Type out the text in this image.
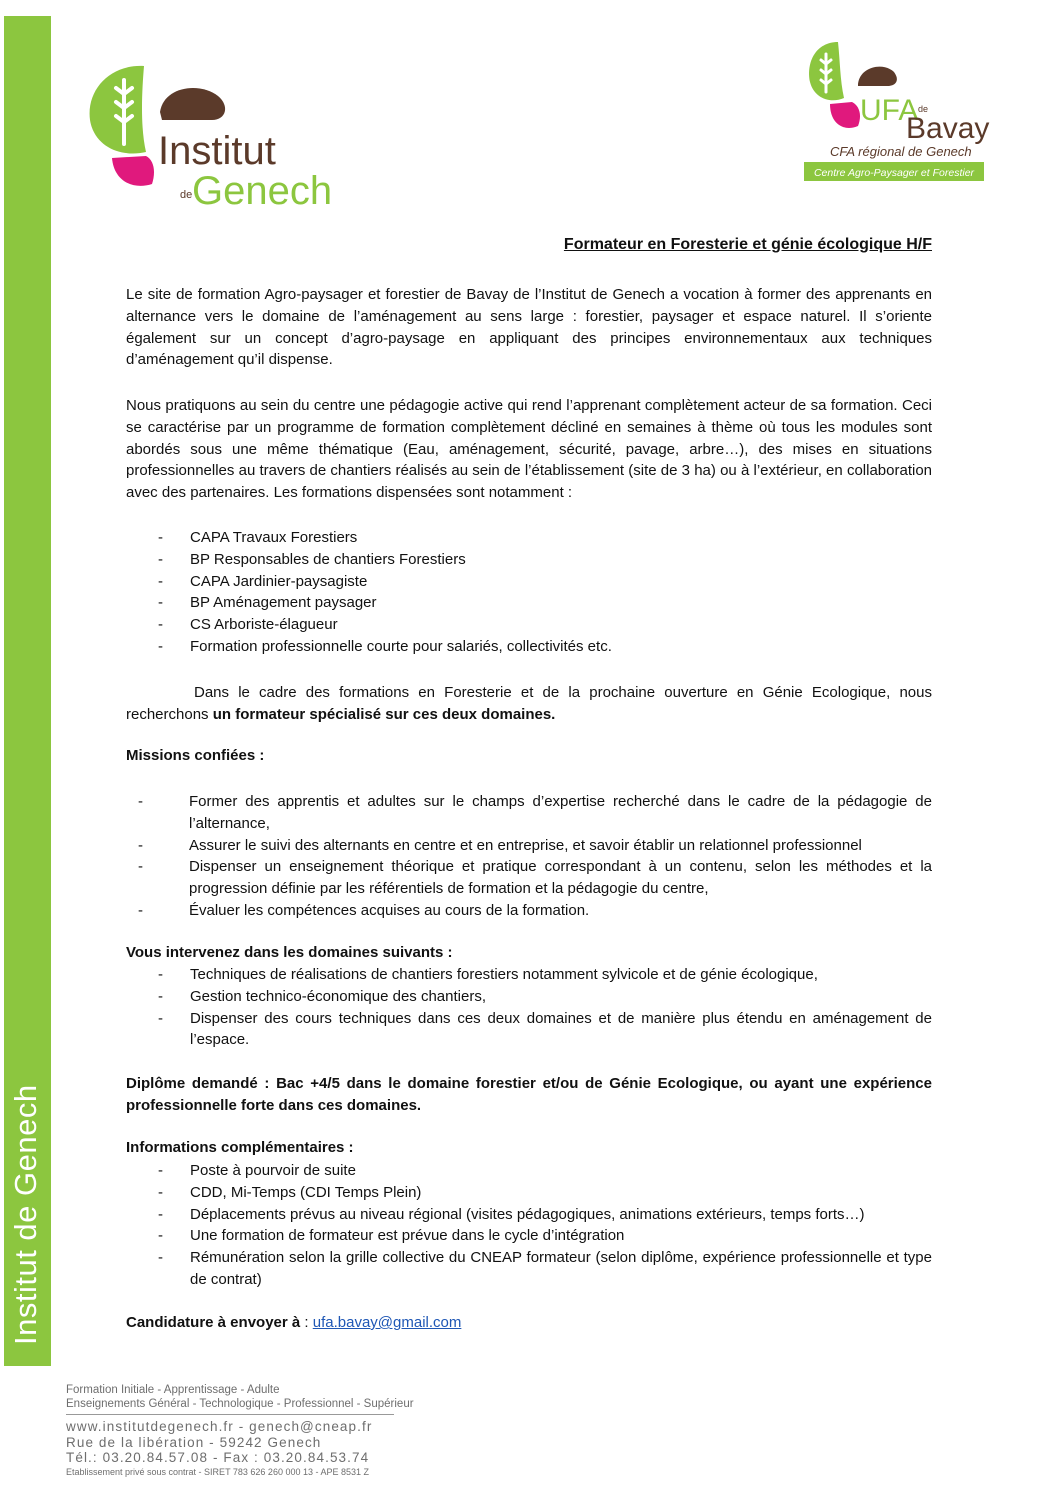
Institut de Genech
Institut
de Genech
UFA de
Bavay
CFA régional de Genech
Centre Agro-Paysager et Forestier
Formateur en Foresterie et génie écologique H/F
Le site de formation Agro-paysager et forestier de Bavay de l’Institut de Genech a vocation à former des apprenants en alternance vers le domaine de l’aménagement au sens large : forestier, paysager et espace naturel. Il s’oriente également sur un concept d’agro-paysage en appliquant des principes environnementaux aux techniques d’aménagement qu’il dispense.
Nous pratiquons au sein du centre une pédagogie active qui rend l’apprenant complètement acteur de sa formation. Ceci se caractérise par un programme de formation complètement décliné en semaines à thème où tous les modules sont abordés sous une même thématique (Eau, aménagement, sécurité, pavage, arbre…), des mises en situations professionnelles au travers de chantiers réalisés au sein de l’établissement (site de 3 ha) ou à l’extérieur, en collaboration avec des partenaires. Les formations dispensées sont notamment :
- CAPA Travaux Forestiers
- BP Responsables de chantiers Forestiers
- CAPA Jardinier-paysagiste
- BP Aménagement paysager
- CS Arboriste-élagueur
- Formation professionnelle courte pour salariés, collectivités etc.
Dans le cadre des formations en Foresterie et de la prochaine ouverture en Génie Ecologique, nous recherchons un formateur spécialisé sur ces deux domaines.
Missions confiées :
- Former des apprentis et adultes sur le champs d’expertise recherché dans le cadre de la pédagogie de l’alternance,
- Assurer le suivi des alternants en centre et en entreprise, et savoir établir un relationnel professionnel
- Dispenser un enseignement théorique et pratique correspondant à un contenu, selon les méthodes et la progression définie par les référentiels de formation et la pédagogie du centre,
- Évaluer les compétences acquises au cours de la formation.
Vous intervenez dans les domaines suivants :
- Techniques de réalisations de chantiers forestiers notamment sylvicole et de génie écologique,
- Gestion technico-économique des chantiers,
- Dispenser des cours techniques dans ces deux domaines et de manière plus étendu en aménagement de l’espace.
Diplôme demandé : Bac +4/5 dans le domaine forestier et/ou de Génie Ecologique, ou ayant une expérience professionnelle forte dans ces domaines.
Informations complémentaires :
- Poste à pourvoir de suite
- CDD, Mi-Temps (CDI Temps Plein)
- Déplacements prévus au niveau régional (visites pédagogiques, animations extérieurs, temps forts…)
- Une formation de formateur est prévue dans le cycle d’intégration
- Rémunération selon la grille collective du CNEAP formateur (selon diplôme, expérience professionnelle et type de contrat)
Candidature à envoyer à : ufa.bavay@gmail.com
Formation Initiale - Apprentissage - Adulte
Enseignements Général - Technologique - Professionnel - Supérieur
www.institutdegenech.fr - genech@cneap.fr
Rue de la libération - 59242 Genech
Tél.: 03.20.84.57.08 - Fax : 03.20.84.53.74
Etablissement privé sous contrat - SIRET 783 626 260 000 13 - APE 8531 Z
